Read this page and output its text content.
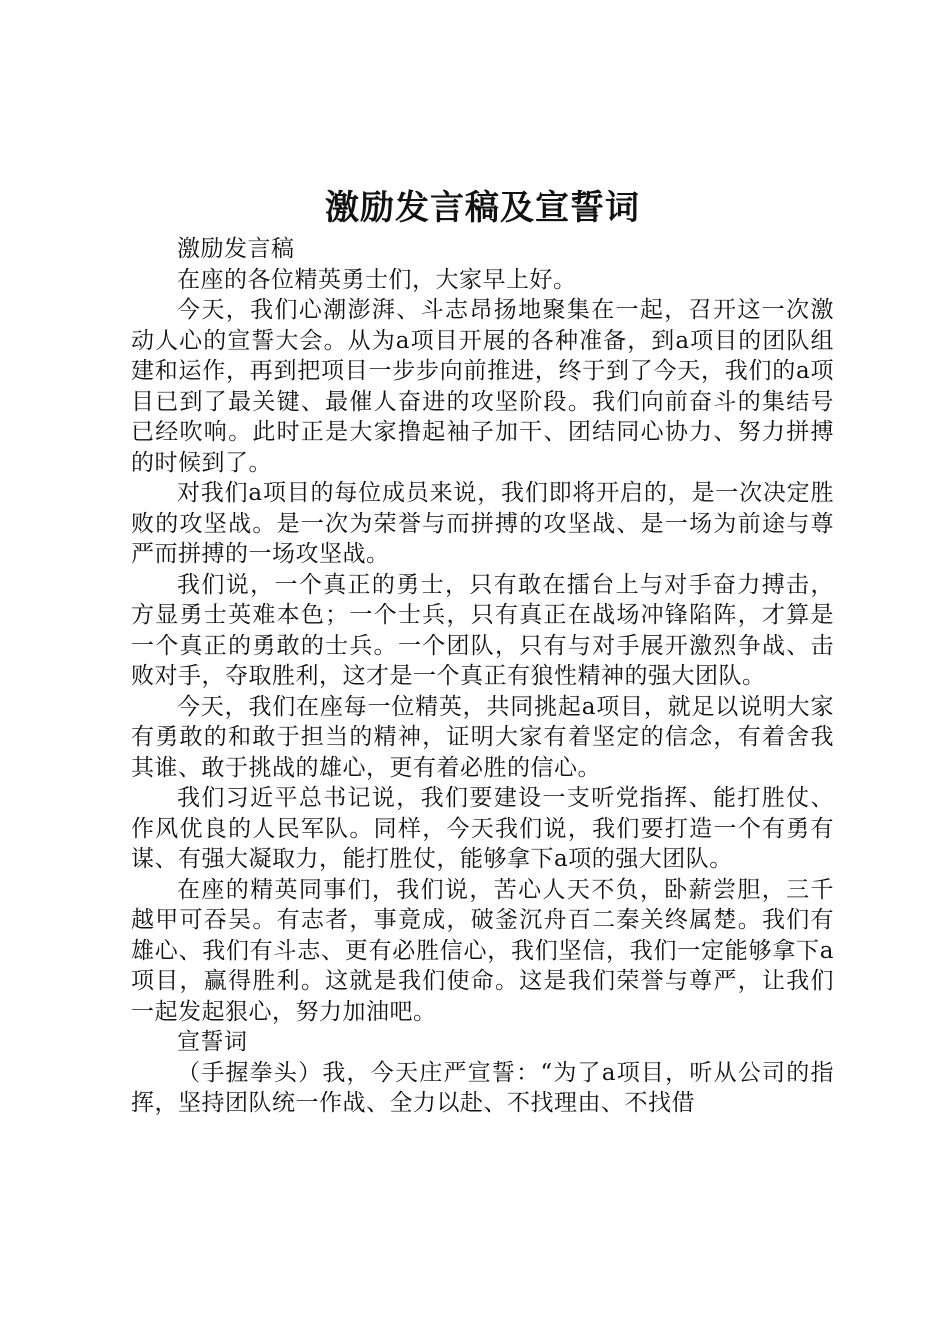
激励发言稿及宣誓词

激励发言稿

在座的各位精英勇士们，大家早上好。

今天，我们心潮澎湃、斗志昂扬地聚集在一起，召开这一次激动人心的宣誓大会。从为a项目开展的各种准备，到a项目的团队组建和运作，再到把项目一步步向前推进，终于到了今天，我们的a项目已到了最关键、最催人奋进的攻坚阶段。我们向前奋斗的集结号已经吹响。此时正是大家撸起袖子加干、团结同心协力、努力拼搏的时候到了。

对我们a项目的每位成员来说，我们即将开启的，是一次决定胜败的攻坚战。是一次为荣誉与而拼搏的攻坚战、是一场为前途与尊严而拼搏的一场攻坚战。

我们说，一个真正的勇士，只有敢在擂台上与对手奋力搏击，方显勇士英难本色；一个士兵，只有真正在战场冲锋陷阵，才算是一个真正的勇敢的士兵。一个团队，只有与对手展开激烈争战、击败对手，夺取胜利，这才是一个真正有狼性精神的强大团队。

今天，我们在座每一位精英，共同挑起a项目，就足以说明大家有勇敢的和敢于担当的精神，证明大家有着坚定的信念，有着舍我其谁、敢于挑战的雄心，更有着必胜的信心。

我们习近平总书记说，我们要建设一支听党指挥、能打胜仗、作风优良的人民军队。同样，今天我们说，我们要打造一个有勇有谋、有强大凝取力，能打胜仗，能够拿下a项的强大团队。

在座的精英同事们，我们说，苦心人天不负，卧薪尝胆，三千越甲可吞吴。有志者，事竟成，破釜沉舟百二秦关终属楚。我们有雄心、我们有斗志、更有必胜信心，我们坚信，我们一定能够拿下a项目，赢得胜利。这就是我们使命。这是我们荣誉与尊严，让我们一起发起狠心，努力加油吧。

宣誓词

（手握拳头）我，今天庄严宣誓：“为了a项目，听从公司的指挥，坚持团队统一作战、全力以赴、不找理由、不找借
